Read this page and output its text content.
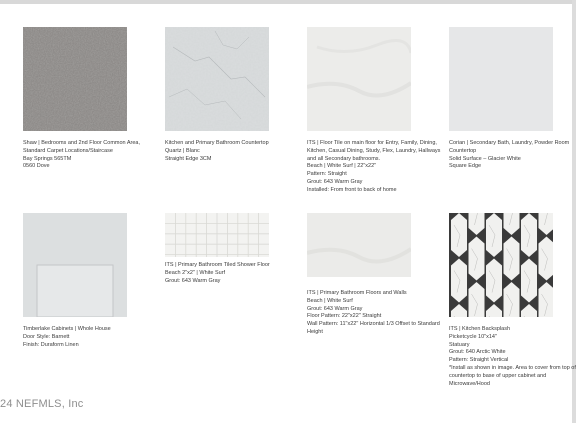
Shaw | Bedrooms and 2nd Floor Common Area, Standard Carpet Locations/Staircase
Bay Springs 565TM
0560 Dove
Kitchen and Primary Bathroom Countertop
Quartz | Blanc
Straight Edge 3CM
ITS | Floor Tile on main floor for Entry, Family, Dining, Kitchen, Casual Dining, Study, Flex, Laundry, Hallways and all Secondary bathrooms.
Beach | White Surf | 22"x22"
Pattern: Straight
Grout: 643 Warm Gray
Installed: From front to back of home
Corian | Secondary Bath, Laundry, Powder Room Countertop
Solid Surface – Glacier White
Square Edge
Timberlake Cabinets | Whole House
Door Style: Barnett
Finish: Duraform Linen
ITS | Primary Bathroom Tiled Shower Floor
Beach 2"x2" | White Surf
Grout: 643 Warm Gray
ITS | Primary Bathroom Floors and Walls
Beach | White Surf
Grout: 643 Warm Gray
Floor Pattern: 22"x22" Straight
Wall Pattern: 11"x22" Horizontal 1/3 Offset to Standard Height	ITS | Kitchen Backsplash
Picketcycle 10"x14"
Statuary
Grout: 640 Arctic White
Pattern: Straight Vertical
*Install as shown in image. Area to cover from top of countertop to base of upper cabinet and Microwave/Hood
24 NEFMLS, Inc
